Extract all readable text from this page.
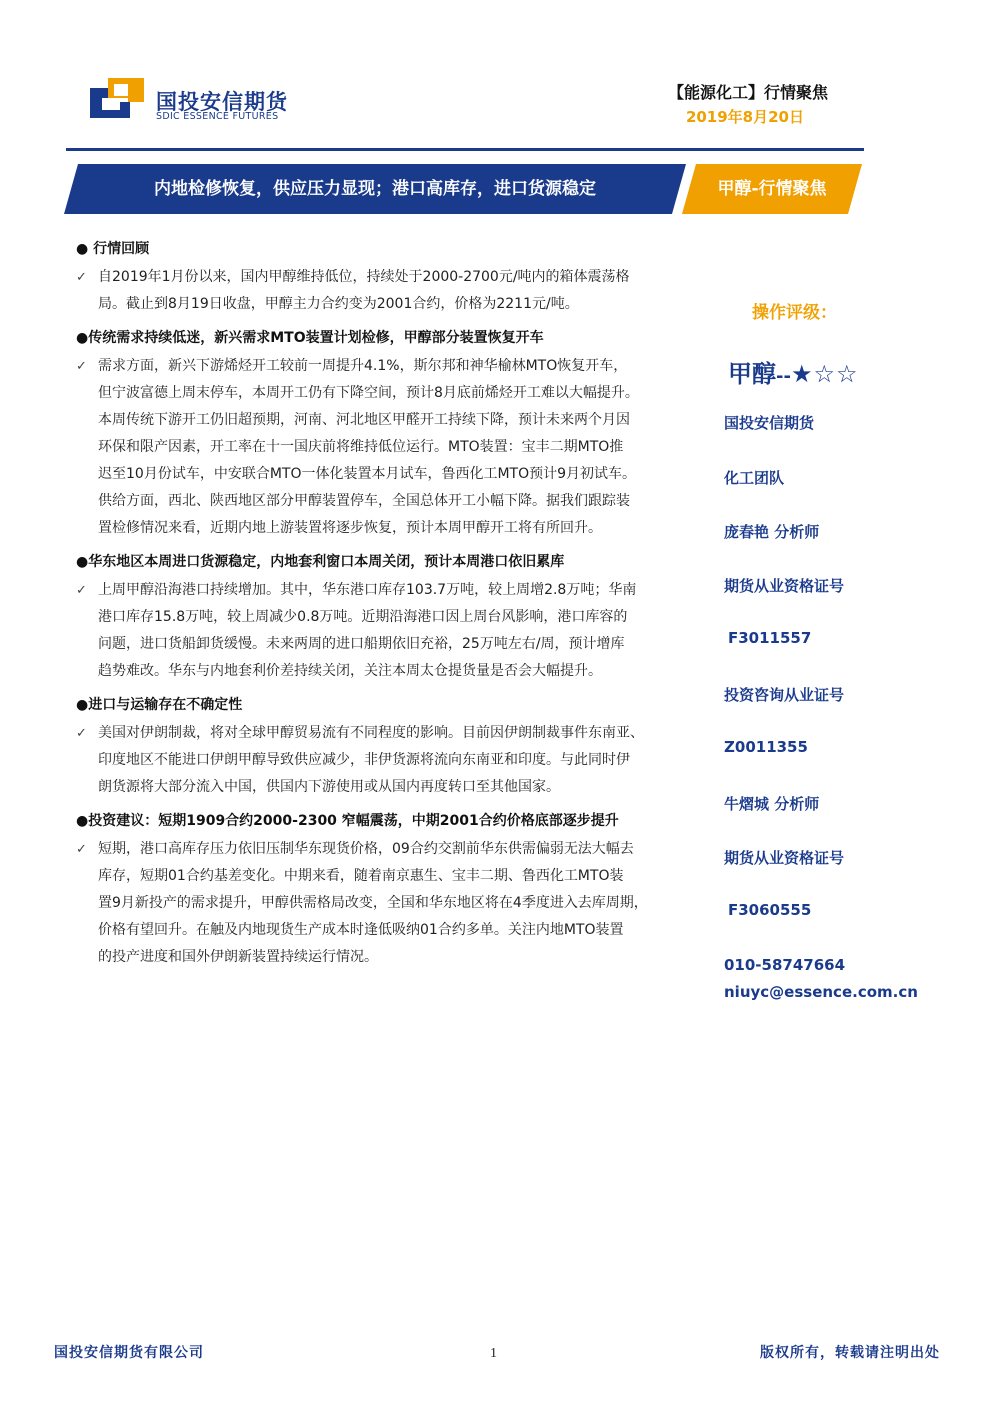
国投安信期货
SDIC ESSENCE FUTURES
【能源化工】行情聚焦
2019年8月20日
内地检修恢复，供应压力显现；港口高库存，进口货源稳定	甲醇-行情聚焦
● 行情回顾
✓ 自2019年1月份以来，国内甲醇维持低位，持续处于2000-2700元/吨内的箱体震荡格
局。截止到8月19日收盘，甲醇主力合约变为2001合约，价格为2211元/吨。
●传统需求持续低迷，新兴需求MTO装置计划检修，甲醇部分装置恢复开车
✓ 需求方面，新兴下游烯烃开工较前一周提升4.1%，斯尔邦和神华榆林MTO恢复开车，
但宁波富德上周末停车，本周开工仍有下降空间，预计8月底前烯烃开工难以大幅提升。
本周传统下游开工仍旧超预期，河南、河北地区甲醛开工持续下降，预计未来两个月因
环保和限产因素，开工率在十一国庆前将维持低位运行。MTO装置：宝丰二期MTO推
迟至10月份试车，中安联合MTO一体化装置本月试车，鲁西化工MTO预计9月初试车。
供给方面，西北、陕西地区部分甲醇装置停车，全国总体开工小幅下降。据我们跟踪装
置检修情况来看，近期内地上游装置将逐步恢复，预计本周甲醇开工将有所回升。
●华东地区本周进口货源稳定，内地套利窗口本周关闭，预计本周港口依旧累库
✓ 上周甲醇沿海港口持续增加。其中，华东港口库存103.7万吨，较上周增2.8万吨；华南
港口库存15.8万吨，较上周减少0.8万吨。近期沿海港口因上周台风影响，港口库容的
问题，进口货船卸货缓慢。未来两周的进口船期依旧充裕，25万吨左右/周，预计增库
趋势难改。华东与内地套利价差持续关闭，关注本周太仓提货量是否会大幅提升。
●进口与运输存在不确定性
✓ 美国对伊朗制裁，将对全球甲醇贸易流有不同程度的影响。目前因伊朗制裁事件东南亚、
印度地区不能进口伊朗甲醇导致供应减少，非伊货源将流向东南亚和印度。与此同时伊
朗货源将大部分流入中国，供国内下游使用或从国内再度转口至其他国家。
●投资建议：短期1909合约2000-2300 窄幅震荡，中期2001合约价格底部逐步提升
✓ 短期，港口高库存压力依旧压制华东现货价格，09合约交割前华东供需偏弱无法大幅去
库存，短期01合约基差变化。中期来看，随着南京惠生、宝丰二期、鲁西化工MTO装
置9月新投产的需求提升，甲醇供需格局改变，全国和华东地区将在4季度进入去库周期，
价格有望回升。在触及内地现货生产成本时逢低吸纳01合约多单。关注内地MTO装置
的投产进度和国外伊朗新装置持续运行情况。
操作评级：
甲醇--★☆☆
国投安信期货
化工团队
庞春艳 分析师
期货从业资格证号
F3011557
投资咨询从业证号
Z0011355
牛熠城 分析师
期货从业资格证号
F3060555
010-58747664
niuyc@essence.com.cn
国投安信期货有限公司	1	版权所有，转载请注明出处
